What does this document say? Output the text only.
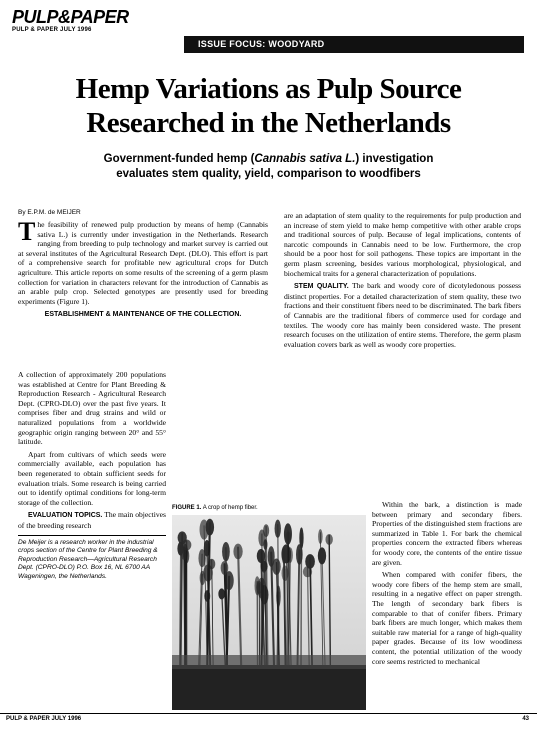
PULP&PAPER
PULP & PAPER JULY 1996
ISSUE FOCUS: WOODYARD
Hemp Variations as Pulp Source
Researched in the Netherlands

Government-funded hemp (Cannabis sativa L.) investigation
evaluates stem quality, yield, comparison to woodfibers

By E.P.M. de MEIJER

The feasibility of renewed pulp production by means of hemp (Cannabis sativa L.) is currently under investigation in the Netherlands. Research ranging from breeding to pulp technology and market survey is carried out at several institutes of the Agricultural Research Dept. (DLO). This effort is part of a comprehensive search for profitable new agricultural crops for Dutch agriculture. This article reports on some results of the screening of a germ plasm collection for variation in characters relevant for the introduction of Cannabis as an arable pulp crop. Selected genotypes are presently used for breeding experiments (Figure 1).

ESTABLISHMENT & MAINTENANCE OF THE COLLECTION.

A collection of approximately 200 populations was established at Centre for Plant Breeding & Reproduction Research - Agricultural Research Dept. (CPRO-DLO) over the past five years. It comprises fiber and drug strains and wild or naturalized populations from a worldwide geographic origin ranging between 20° and 55° latitude.

Apart from cultivars of which seeds were commercially available, each population has been regenerated to obtain sufficient seeds for evaluation trials. Some research is being carried out to identify optimal conditions for long-term storage of the collection.

EVALUATION TOPICS. The main objectives of the breeding research

De Meijer is a research worker in the industrial crops section of the Centre for Plant Breeding & Reproduction Research—Agricultural Research Dept. (CPRO-DLO) P.O. Box 16, NL 6700 AA Wageningen, the Netherlands.

are an adaptation of stem quality to the requirements for pulp production and an increase of stem yield to make hemp competitive with other arable crops and traditional sources of pulp. Because of legal implications, contents of narcotic compounds in Cannabis need to be low. Furthermore, the crop should be a poor host for soil pathogens. These topics are important in the germ plasm screening, besides various morphological, physiological, and biochemical traits for a general characterization of populations.

STEM QUALITY. The bark and woody core of dicotyledonous possess distinct properties. For a detailed characterization of stem quality, these two fractions and their constituent fibers need to be discriminated. The bark fibers of Cannabis are the traditional fibers of commerce used for cordage and textiles. The woody core has mainly been considered waste. The present research focuses on the utilization of entire stems. Therefore, the germ plasm evaluation covers bark as well as woody core properties.

Within the bark, a distinction is made between primary and secondary fibers. Properties of the distinguished stem fractions are summarized in Table 1. For bark the chemical properties concern the extracted fibers whereas for woody core, the contents of the entire tissue are given.

When compared with conifer fibers, the woody core fibers of the hemp stem are small, resulting in a negative effect on paper strength. The length of secondary bark fibers is comparable to that of conifer fibers. Primary bark fibers are much longer, which makes them suitable raw material for a range of high-quality paper grades. Because of its low woodiness content, the potential utilization of the woody core seems restricted to mechanical

FIGURE 1. A crop of hemp fiber.
PULP & PAPER JULY 1996	43
